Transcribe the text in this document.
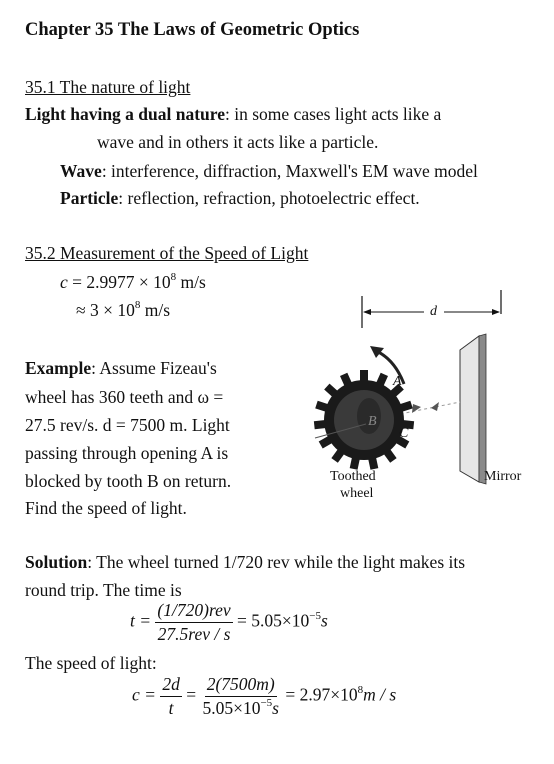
Chapter 35 The Laws of Geometric Optics
35.1 The nature of light
Light having a dual nature: in some cases light acts like a
wave and in others it acts like a particle.
Wave: interference, diffraction, Maxwell's EM wave model
Particle: reflection, refraction, photoelectric effect.
35.2 Measurement of the Speed of Light
$c = 2.9977 \times 10^8$ m/s
≈ $3 \times 10^8$ m/s
Example: Assume Fizeau's
wheel has 360 teeth and ω =
27.5 rev/s. d = 7500 m. Light
passing through opening A is
blocked by tooth B on return.
Find the speed of light.
d
A
B
C
Toothed
wheel
Mirror
Solution: The wheel turned 1/720 rev while the light makes its
round trip. The time is
$t = \frac{\text{(1/720)rev}}{\text{27.5rev / s}} = 5.05\times 10^{-5}s$
The speed of light:
$c = \frac{2d}{t} = \frac{2(7500m)}{5.05\times 10^{-5}s} = 2.97\times 10^8m / s$
